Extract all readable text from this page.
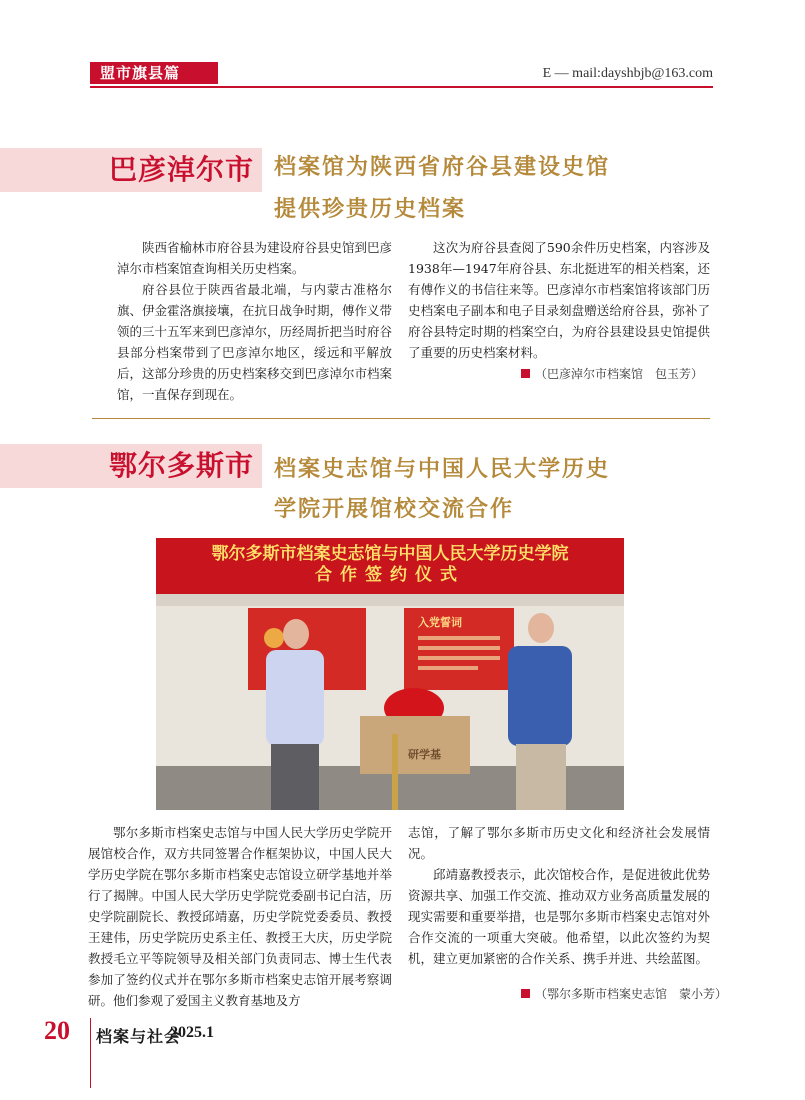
盟市旗县篇	E — mail:dayshbjb@163.com
巴彦淖尔市 档案馆为陕西省府谷县建设史馆
提供珍贵历史档案

陕西省榆林市府谷县为建设府谷县史馆到巴彦淖尔市档案馆查询相关历史档案。

府谷县位于陕西省最北端，与内蒙古准格尔旗、伊金霍洛旗接壤，在抗日战争时期，傅作义带领的三十五军来到巴彦淖尔，历经周折把当时府谷县部分档案带到了巴彦淖尔地区，绥远和平解放后，这部分珍贵的历史档案移交到巴彦淖尔市档案馆，一直保存到现在。

这次为府谷县查阅了590余件历史档案，内容涉及1938年—1947年府谷县、东北挺进军的相关档案，还有傅作义的书信往来等。巴彦淖尔市档案馆将该部门历史档案电子副本和电子目录刻盘赠送给府谷县，弥补了府谷县特定时期的档案空白，为府谷县建设县史馆提供了重要的历史档案材料。

（巴彦淖尔市档案馆　包玉芳）
鄂尔多斯市 档案史志馆与中国人民大学历史
学院开展馆校交流合作
鄂尔多斯市档案史志馆与中国人民大学历史学院
合作签约仪式
入党誓词
研学基

鄂尔多斯市档案史志馆与中国人民大学历史学院开展馆校合作，双方共同签署合作框架协议，中国人民大学历史学院在鄂尔多斯市档案史志馆设立研学基地并举行了揭牌。中国人民大学历史学院党委副书记白洁，历史学院副院长、教授邱靖嘉，历史学院党委委员、教授王建伟，历史学院历史系主任、教授王大庆，历史学院教授毛立平等院领导及相关部门负责同志、博士生代表参加了签约仪式并在鄂尔多斯市档案史志馆开展考察调研。他们参观了爱国主义教育基地及方

志馆，了解了鄂尔多斯市历史文化和经济社会发展情况。

邱靖嘉教授表示，此次馆校合作，是促进彼此优势资源共享、加强工作交流、推动双方业务高质量发展的现实需要和重要举措，也是鄂尔多斯市档案史志馆对外合作交流的一项重大突破。他希望，以此次签约为契机，建立更加紧密的合作关系、携手并进、共绘蓝图。

（鄂尔多斯市档案史志馆　蒙小芳）
20 档案与社会
2025.1
